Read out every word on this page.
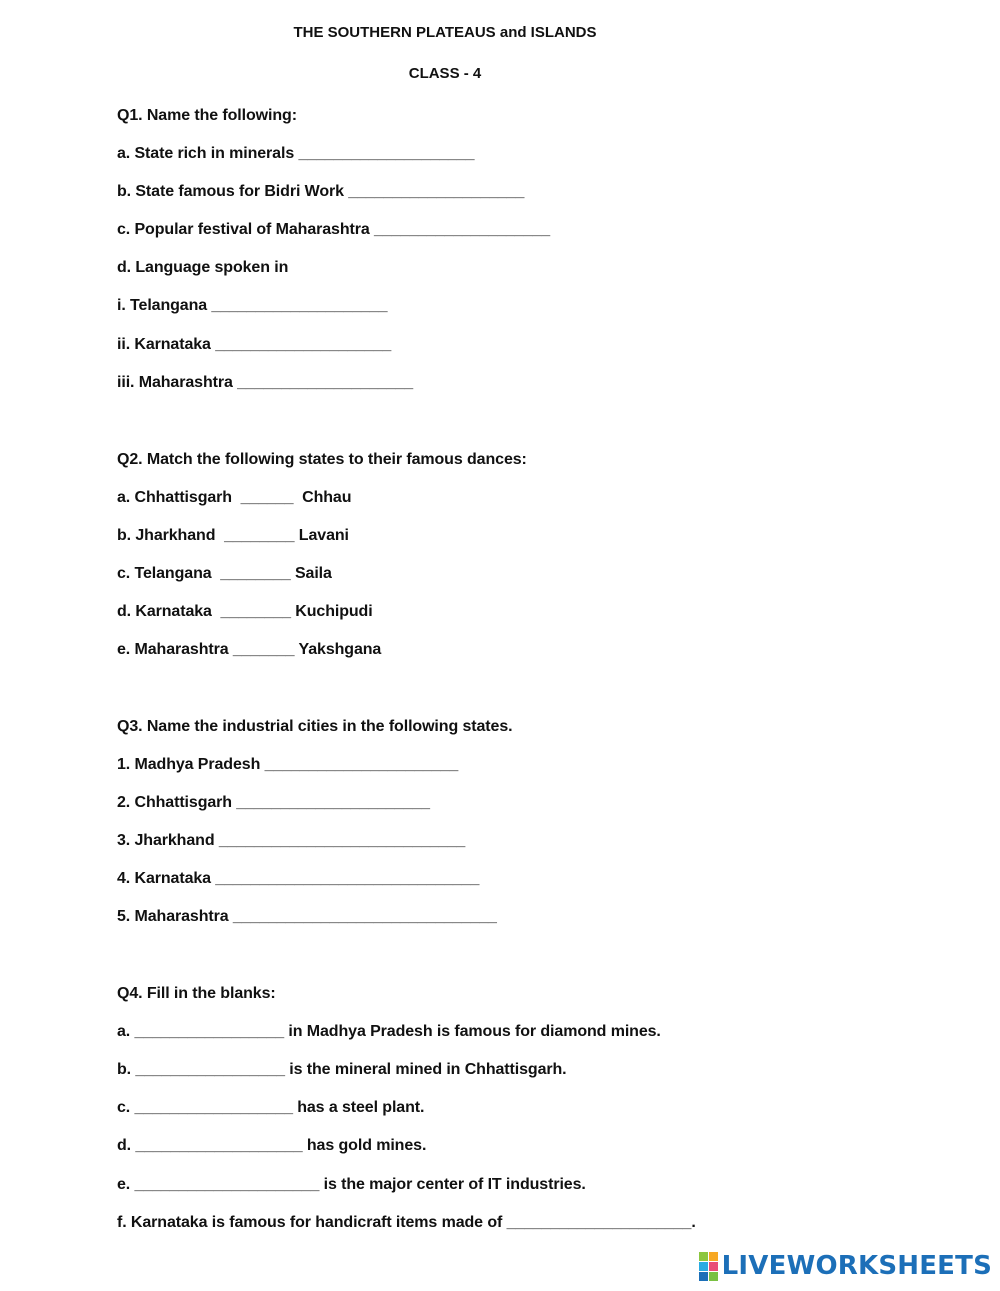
THE SOUTHERN PLATEAUS and ISLANDS
CLASS - 4

Q1. Name the following:

a. State rich in minerals ____________________

b. State famous for Bidri Work ____________________

c. Popular festival of Maharashtra ____________________

d. Language spoken in

i. Telangana ____________________

ii. Karnataka ____________________

iii. Maharashtra ____________________

Q2. Match the following states to their famous dances:

a. Chhattisgarh  ______  Chhau

b. Jharkhand  ________ Lavani

c. Telangana  ________ Saila

d. Karnataka  ________ Kuchipudi

e. Maharashtra _______ Yakshgana

Q3. Name the industrial cities in the following states.

1. Madhya Pradesh ______________________

2. Chhattisgarh ______________________

3. Jharkhand ____________________________

4. Karnataka ______________________________

5. Maharashtra ______________________________

Q4. Fill in the blanks:

a. _________________ in Madhya Pradesh is famous for diamond mines.

b. _________________ is the mineral mined in Chhattisgarh.

c. __________________ has a steel plant.

d. ___________________ has gold mines.

e. _____________________ is the major center of IT industries.

f. Karnataka is famous for handicraft items made of _____________________.

LIVEWORKSHEETS
